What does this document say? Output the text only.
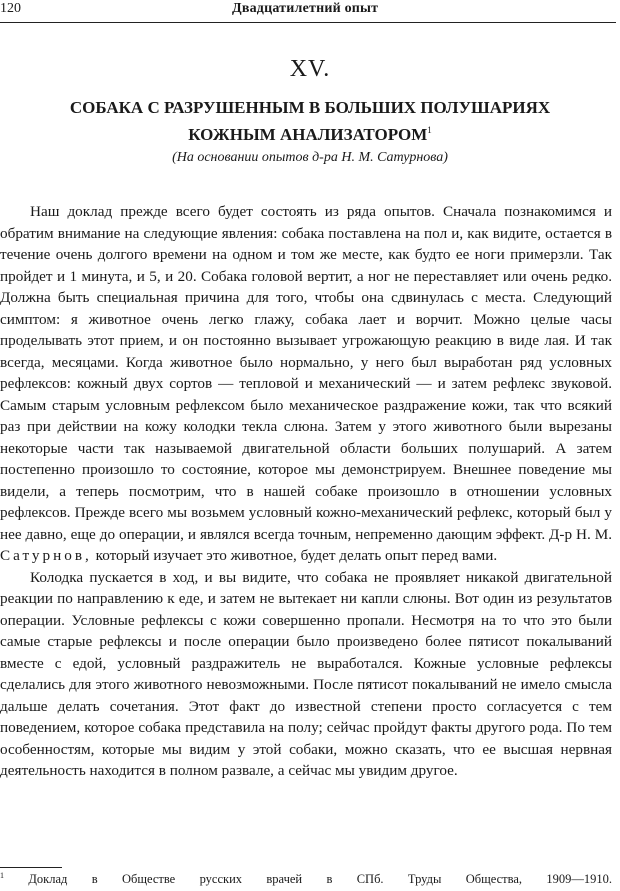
120	Двадцатилетний опыт
XV.
СОБАКА С РАЗРУШЕННЫМ В БОЛЬШИХ ПОЛУШАРИЯХ КОЖНЫМ АНАЛИЗАТОРОМ$^1$
(На основании опытов д-ра Н. М. Сатурнова)

Наш доклад прежде всего будет состоять из ряда опытов. Сначала познакомимся и обратим внимание на следующие явления: собака поставлена на пол и, как видите, остается в течение очень долгого времени на одном и том же месте, как будто ее ноги примерзли. Так пройдет и 1 минута, и 5, и 20. Собака головой вертит, а ног не переставляет или очень редко. Должна быть специальная причина для того, чтобы она сдвинулась с места. Следующий симптом: я животное очень легко глажу, собака лает и ворчит. Можно целые часы проделывать этот прием, и он постоянно вызывает угрожающую реакцию в виде лая. И так всегда, месяцами. Когда животное было нормально, у него был выработан ряд условных рефлексов: кожный двух сортов — тепловой и механический — и затем рефлекс звуковой. Самым старым условным рефлексом было механическое раздражение кожи, так что всякий раз при действии на кожу колодки текла слюна. Затем у этого животного были вырезаны некоторые части так называемой двигательной области больших полушарий. А затем постепенно произошло то состояние, которое мы демонстрируем. Внешнее поведение мы видели, а теперь посмотрим, что в нашей собаке произошло в отношении условных рефлексов. Прежде всего мы возьмем условный кожно-механический рефлекс, который был у нее давно, еще до операции, и являлся всегда точным, непременно дающим эффект. Д-р Н. М. Сатурнов, который изучает это животное, будет делать опыт перед вами.

Колодка пускается в ход, и вы видите, что собака не проявляет никакой двигательной реакции по направлению к еде, и затем не вытекает ни капли слюны. Вот один из результатов операции. Условные рефлексы с кожи совершенно пропали. Несмотря на то что это были самые старые рефлексы и после операции было произведено более пятисот покалываний вместе с едой, условный раздражитель не выработался. Кожные условные рефлексы сделались для этого животного невозможными. После пятисот покалываний не имело смысла дальше делать сочетания. Этот факт до известной степени просто согласуется с тем поведением, которое собака представила на полу; сейчас пройдут факты другого рода. По тем особенностям, которые мы видим у этой собаки, можно сказать, что ее высшая нервная деятельность находится в полном развале, а сейчас мы увидим другое.

$^1$ Доклад в Обществе русских врачей в СПб. Труды Общества, 1909—1910.
